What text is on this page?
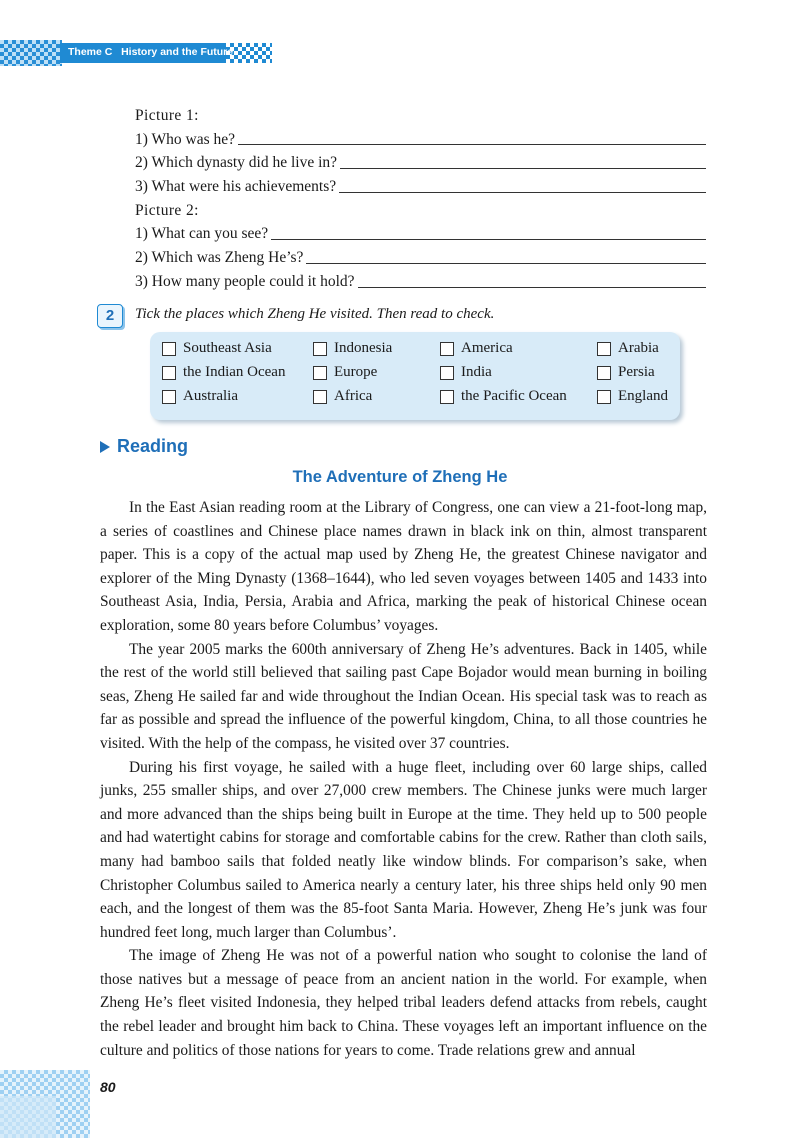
Theme C   History and the Future
Picture 1:
1) Who was he?
2) Which dynasty did he live in?
3) What were his achievements?
Picture 2:
1) What can you see?
2) Which was Zheng He’s?
3) How many people could it hold?
2	Tick the places which Zheng He visited. Then read to check.
Southeast Asia	Indonesia	America	Arabia
the Indian Ocean	Europe	India	Persia
Australia	Africa	the Pacific Ocean	England
Reading
The Adventure of Zheng He

In the East Asian reading room at the Library of Congress, one can view a 21-foot-long map, a series of coastlines and Chinese place names drawn in black ink on thin, almost transparent paper. This is a copy of the actual map used by Zheng He, the greatest Chinese navigator and explorer of the Ming Dynasty (1368–1644), who led seven voyages between 1405 and 1433 into Southeast Asia, India, Persia, Arabia and Africa, marking the peak of historical Chinese ocean exploration, some 80 years before Columbus’ voyages.

The year 2005 marks the 600th anniversary of Zheng He’s adventures. Back in 1405, while the rest of the world still believed that sailing past Cape Bojador would mean burning in boiling seas, Zheng He sailed far and wide throughout the Indian Ocean. His special task was to reach as far as possible and spread the influence of the powerful kingdom, China, to all those countries he visited. With the help of the compass, he visited over 37 countries.

During his first voyage, he sailed with a huge fleet, including over 60 large ships, called junks, 255 smaller ships, and over 27,000 crew members. The Chinese junks were much larger and more advanced than the ships being built in Europe at the time. They held up to 500 people and had watertight cabins for storage and comfortable cabins for the crew. Rather than cloth sails, many had bamboo sails that folded neatly like window blinds. For comparison’s sake, when Christopher Columbus sailed to America nearly a century later, his three ships held only 90 men each, and the longest of them was the 85-foot Santa Maria. However, Zheng He’s junk was four hundred feet long, much larger than Columbus’.

The image of Zheng He was not of a powerful nation who sought to colonise the land of those natives but a message of peace from an ancient nation in the world. For example, when Zheng He’s fleet visited Indonesia, they helped tribal leaders defend attacks from rebels, caught the rebel leader and brought him back to China. These voyages left an important influence on the culture and politics of those nations for years to come. Trade relations grew and annual

80
